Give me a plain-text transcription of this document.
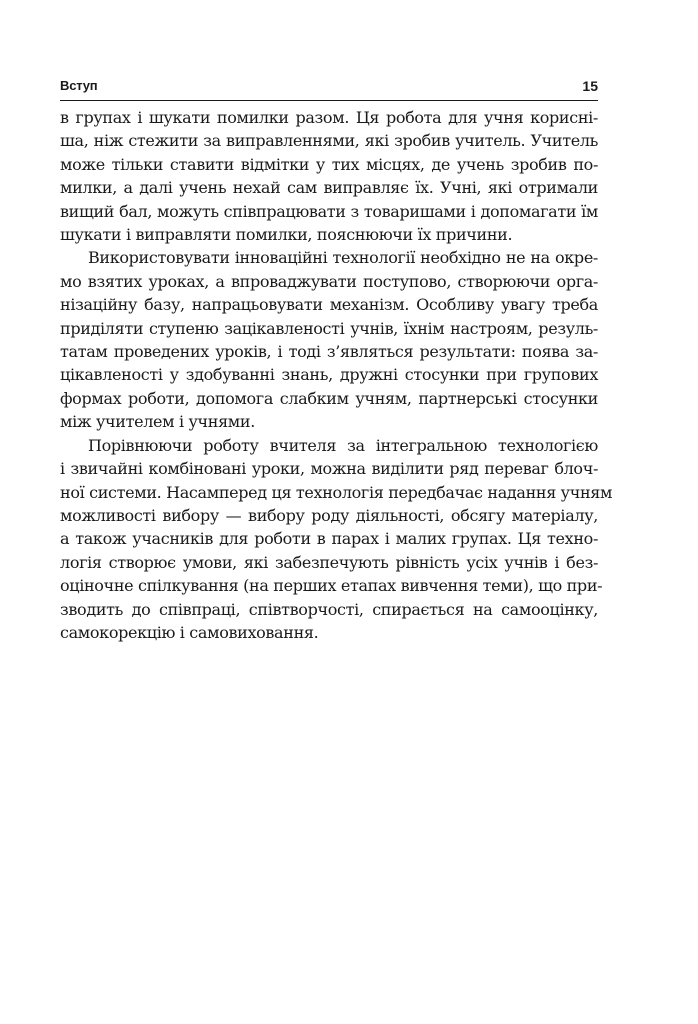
Вступ	15

в групах і шукати помилки разом. Ця робота для учня корисні-
ша, ніж стежити за виправленнями, які зробив учитель. Учитель
може тільки ставити відмітки у тих місцях, де учень зробив по-
милки, а далі учень нехай сам виправляє їх. Учні, які отримали
вищий бал, можуть співпрацювати з товаришами і допомагати їм
шукати і виправляти помилки, пояснюючи їх причини.

Використовувати інноваційні технології необхідно не на окре-
мо взятих уроках, а впроваджувати поступово, створюючи орга-
нізаційну базу, напрацьовувати механізм. Особливу увагу треба
приділяти ступеню зацікавленості учнів, їхнім настроям, резуль-
татам проведених уроків, і тоді з’являться результати: поява за-
цікавленості у здобуванні знань, дружні стосунки при групових
формах роботи, допомога слабким учням, партнерські стосунки
між учителем і учнями.

Порівнюючи роботу вчителя за інтегральною технологією
і звичайні комбіновані уроки, можна виділити ряд переваг блоч-
ної системи. Насамперед ця технологія передбачає надання учням
можливості вибору — вибору роду діяльності, обсягу матеріалу,
а також учасників для роботи в парах і малих групах. Ця техно-
логія створює умови, які забезпечують рівність усіх учнів і без-
оціночне спілкування (на перших етапах вивчення теми), що при-
зводить до співпраці, співтворчості, спирається на самооцінку,
самокорекцію і самовиховання.
